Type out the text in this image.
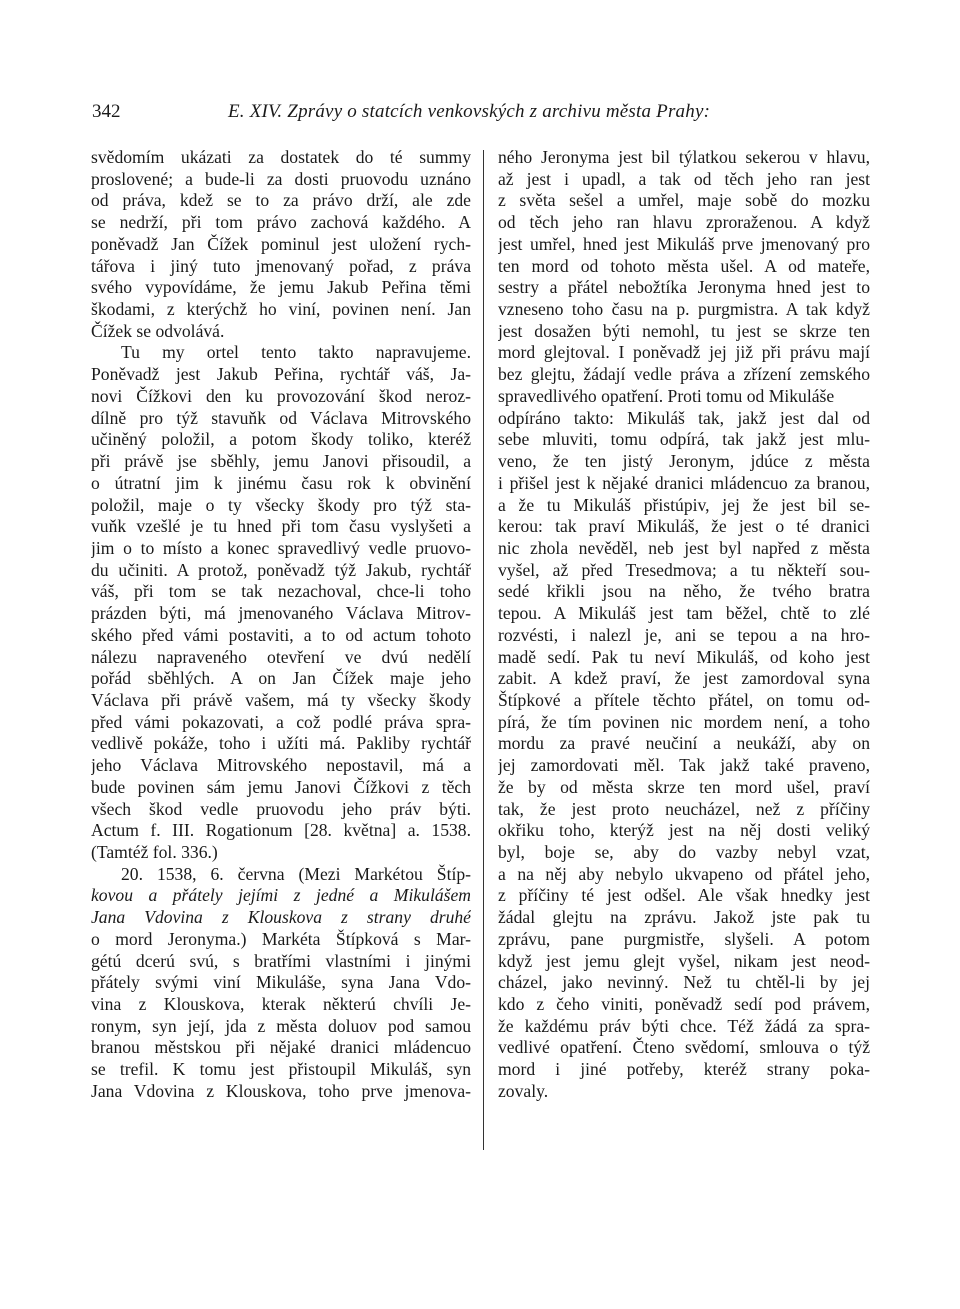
342	E. XIV. Zprávy o statcích venkovských z archivu města Prahy:
svědomím ukázati za dostatek do té summy
proslovené; a bude-li za dosti pruovodu uznáno
od práva, kdež se to za právo drží, ale zde
se nedrží, při tom právo zachová každého. A
poněvadž Jan Čížek pominul jest uložení rych-
tářova i jiný tuto jmenovaný pořad, z práva
svého vypovídáme, že jemu Jakub Peřina těmi
škodami, z kterýchž ho viní, povinen není. Jan
Čížek se odvolává.
Tu my ortel tento takto napravujeme.
Poněvadž jest Jakub Peřina, rychtář váš, Ja-
novi Čížkovi den ku provozování škod nerоz-
dílně pro týž stavuňk od Václava Mitrovského
učiněný položil, a potom škody toliko, kteréž
při právě jse sběhly, jemu Janovi přisoudil, a
o útratní jim k jinému času rok k obvinění
položil, maje o ty všecky škody pro týž sta-
vuňk vzešlé je tu hned při tom času vyslyšeti a
jim o to místo a konec spravedlivý vedle pruovo-
du učiniti. A protož, poněvadž týž Jakub, rychtář
váš, při tom se tak nezachoval, chce-li toho
prázden býti, má jmenovaného Václava Mitrov-
ského před vámi postaviti, a to od actum tohoto
nálezu napraveného otevření ve dvú nedělí
pořád sběhlých. A on Jan Čížek maje jeho
Václava při právě vašem, má ty všecky škody
před vámi pokazovati, a což podlé práva spra-
vedlivě pokáže, toho i užíti má. Pakliby rychtář
jeho Václava Mitrovského nepostavil, má a
bude povinen sám jemu Janovi Čížkovi z těch
všech škod vedle pruovodu jeho práv býti.
Actum f. III. Rogationum [28. května] a. 1538.
(Tamtéž fol. 336.)
20. 1538, 6. června (Mezi Markétou Štíp-
kovou a přátely jejími z jedné a Mikulášem
Jana Vdovina z Klouskova z strany druhé
o mord Jeronyma.) Markéta Štípková s Mar-
gétú dcerú svú, s bratřími vlastními i jinými
přátely svými viní Mikuláše, syna Jana Vdo-
vina z Klouskova, kterak některú chvíli Je-
ronym, syn její, jda z města doluov pod samou
branou městskou při nějaké dranici mládencuo
se trefil. K tomu jest přistoupil Mikuláš, syn
Jana Vdovina z Klouskova, toho prve jmenova-
ného Jeronyma jest bil týlatkou sekerou v hlavu,
až jest i upadl, a tak od těch jeho ran jest
z světa sešel a umřel, maje sobě do mozku
od těch jeho ran hlavu zproraženou. A když
jest umřel, hned jest Mikuláš prve jmenovaný pro
ten mord od tohoto města ušel. A od mateře,
sestry a přátel nebožtíka Jeronyma hned jest to
vzneseno toho času na p. purgmistra. A tak když
jest dosažen býti nemohl, tu jest se skrze ten
mord glejtoval. I poněvadž jej již při právu mají
bez glejtu, žádají vedle práva a zřízení zemského
spravedlivého opatření. Proti tomu od Mikuláše
odpíráno takto: Mikuláš tak, jakž jest dal od
sebe mluviti, tomu odpírá, tak jakž jest mlu-
veno, že ten jistý Jeronym, jdúce z města
i přišel jest k nějaké dranici mládencuo za branou,
a že tu Mikuláš přistúpiv, jej že jest bil se-
kerou: tak praví Mikuláš, že jest o té dranici
nic zhola nevěděl, neb jest byl napřed z města
vyšel, až před Tresedmova; a tu někteří sou-
sedé křikli jsou na něho, že tvého bratra
tepou. A Mikuláš jest tam běžel, chtě to zlé
rozvésti, i nalezl je, ani se tepou a na hro-
madě sedí. Pak tu neví Mikuláš, od koho jest
zabit. A kdež praví, že jest zamordoval syna
Štípkové a přítele těchto přátel, on tomu od-
pírá, že tím povinen nic mordem není, a toho
mordu za pravé neučiní a neukáží, aby on
jej zamordovati měl. Tak jakž také praveno,
že by od města skrze ten mord ušel, praví
tak, že jest proto neucházel, než z příčiny
okřiku toho, kterýž jest na něj dosti veliký
byl, boje se, aby do vazby nebyl vzat,
a na něj aby nebylo ukvapeno od přátel jeho,
z příčiny té jest odšel. Ale však hnedky jest
žádal glejtu na zprávu. Jakož jste pak tu
zprávu, pane purgmistře, slyšeli. A potom
když jest jemu glejt vyšel, nikam jest neod-
cházel, jako nevinný. Než tu chtěl-li by jej
kdo z čeho viniti, poněvadž sedí pod právem,
že každému práv býti chce. Též žádá za spra-
vedlivé opatření. Čteno svědomí, smlouva o týž
mord i jiné potřeby, kteréž strany poka-
zovaly.
